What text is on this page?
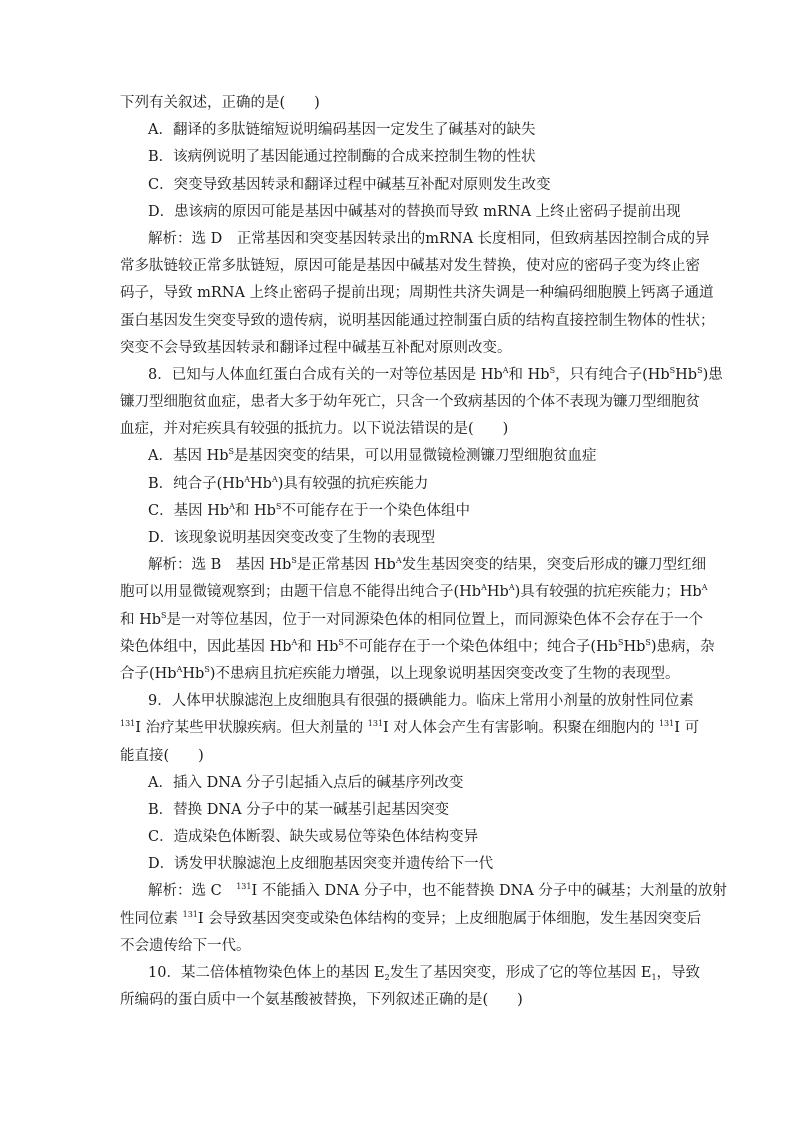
下列有关叙述，正确的是(　　)
A．翻译的多肽链缩短说明编码基因一定发生了碱基对的缺失
B．该病例说明了基因能通过控制酶的合成来控制生物的性状
C．突变导致基因转录和翻译过程中碱基互补配对原则发生改变
D．患该病的原因可能是基因中碱基对的替换而导致 mRNA 上终止密码子提前出现
解析：选 D　正常基因和突变基因转录出的mRNA 长度相同，但致病基因控制合成的异
常多肽链较正常多肽链短，原因可能是基因中碱基对发生替换，使对应的密码子变为终止密
码子，导致 mRNA 上终止密码子提前出现；周期性共济失调是一种编码细胞膜上钙离子通道
蛋白基因发生突变导致的遗传病，说明基因能通过控制蛋白质的结构直接控制生物体的性状；
突变不会导致基因转录和翻译过程中碱基互补配对原则改变。
8．已知与人体血红蛋白合成有关的一对等位基因是 $Hb^A$和 $Hb^S$，只有纯合子$(Hb^SHb^S)$患
镰刀型细胞贫血症，患者大多于幼年死亡，只含一个致病基因的个体不表现为镰刀型细胞贫
血症，并对疟疾具有较强的抵抗力。以下说法错误的是(　　)
A．基因 $Hb^S$是基因突变的结果，可以用显微镜检测镰刀型细胞贫血症
B．纯合子$(Hb^AHb^A)$具有较强的抗疟疾能力
C．基因 $Hb^A$和 $Hb^S$不可能存在于一个染色体组中
D．该现象说明基因突变改变了生物的表现型
解析：选 B　基因 $Hb^S$是正常基因 $Hb^A$发生基因突变的结果，突变后形成的镰刀型红细
胞可以用显微镜观察到；由题干信息不能得出纯合子$(Hb^AHb^A)$具有较强的抗疟疾能力；$Hb^A$
和 $Hb^S$是一对等位基因，位于一对同源染色体的相同位置上，而同源染色体不会存在于一个
染色体组中，因此基因 $Hb^A$和 $Hb^S$不可能存在于一个染色体组中；纯合子$(Hb^SHb^S)$患病，杂
合子$(Hb^AHb^S)$不患病且抗疟疾能力增强，以上现象说明基因突变改变了生物的表现型。
9．人体甲状腺滤泡上皮细胞具有很强的摄碘能力。临床上常用小剂量的放射性同位素
$^{131}$I 治疗某些甲状腺疾病。但大剂量的 $^{131}$I 对人体会产生有害影响。积聚在细胞内的 $^{131}$I 可
能直接(　　)
A．插入 DNA 分子引起插入点后的碱基序列改变
B．替换 DNA 分子中的某一碱基引起基因突变
C．造成染色体断裂、缺失或易位等染色体结构变异
D．诱发甲状腺滤泡上皮细胞基因突变并遗传给下一代
解析：选 C　$^{131}$I 不能插入 DNA 分子中，也不能替换 DNA 分子中的碱基；大剂量的放射
性同位素 $^{131}$I 会导致基因突变或染色体结构的变异；上皮细胞属于体细胞，发生基因突变后
不会遗传给下一代。
10．某二倍体植物染色体上的基因 $E_2$发生了基因突变，形成了它的等位基因 $E_1$，导致
所编码的蛋白质中一个氨基酸被替换，下列叙述正确的是(　　)
